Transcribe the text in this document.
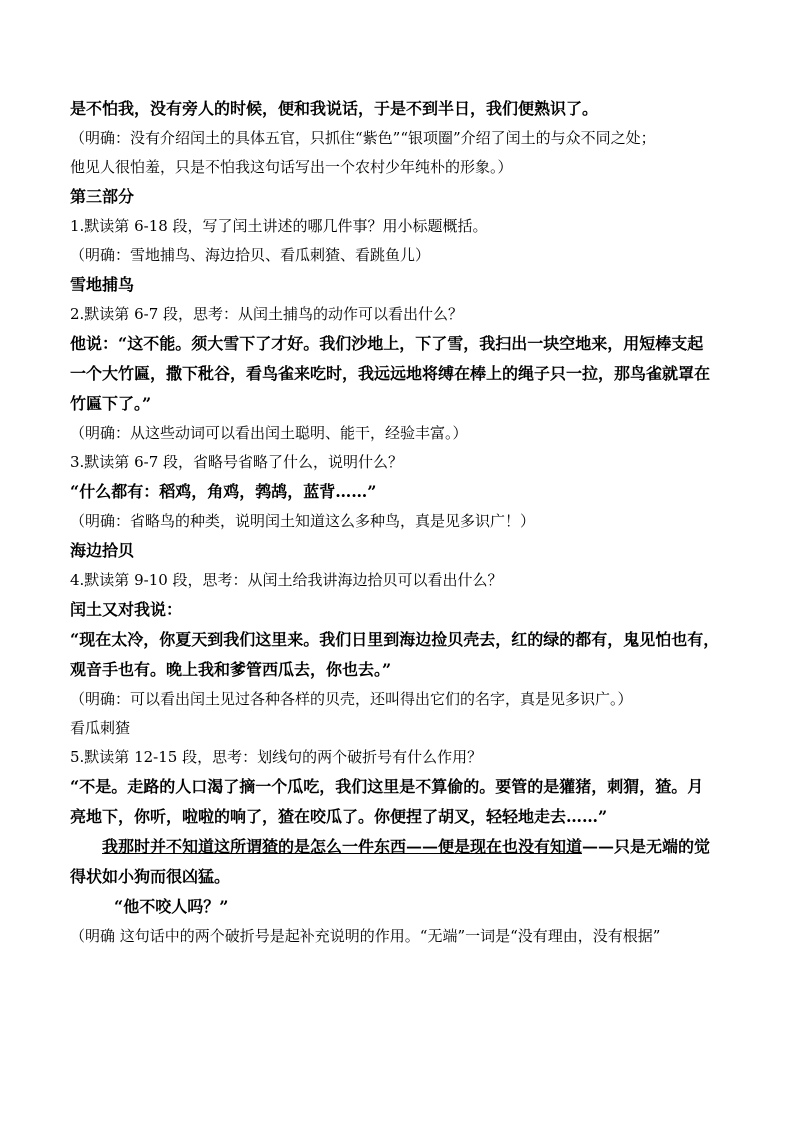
是不怕我，没有旁人的时候，便和我说话，于是不到半日，我们便熟识了。
（明确：没有介绍闰土的具体五官，只抓住“紫色”“银项圈”介绍了闰土的与众不同之处；
他见人很怕羞，只是不怕我这句话写出一个农村少年纯朴的形象。）
第三部分
1.默读第 6-18 段，写了闰土讲述的哪几件事？用小标题概括。
（明确：雪地捕鸟、海边拾贝、看瓜刺猹、看跳鱼儿）
雪地捕鸟
2.默读第 6-7 段，思考：从闰土捕鸟的动作可以看出什么？
他说：“这不能。须大雪下了才好。我们沙地上，下了雪，我扫出一块空地来，用短棒支起
一个大竹匾，撒下秕谷，看鸟雀来吃时，我远远地将缚在棒上的绳子只一拉，那鸟雀就罩在
竹匾下了。”
（明确：从这些动词可以看出闰土聪明、能干，经验丰富。）
3.默读第 6-7 段，省略号省略了什么，说明什么？
“什么都有：稻鸡，角鸡，鹁鸪，蓝背……”
（明确：省略鸟的种类，说明闰土知道这么多种鸟，真是见多识广！）
海边拾贝
4.默读第 9-10 段，思考：从闰土给我讲海边拾贝可以看出什么？
闰土又对我说：
“现在太冷，你夏天到我们这里来。我们日里到海边捡贝壳去，红的绿的都有，鬼见怕也有，
观音手也有。晚上我和爹管西瓜去，你也去。”
（明确：可以看出闰土见过各种各样的贝壳，还叫得出它们的名字，真是见多识广。）
看瓜刺猹
5.默读第 12-15 段，思考：划线句的两个破折号有什么作用？
“不是。走路的人口渴了摘一个瓜吃，我们这里是不算偷的。要管的是獾猪，刺猬，猹。月
亮地下，你听，啦啦的响了，猹在咬瓜了。你便捏了胡叉，轻轻地走去……”
我那时并不知道这所谓猹的是怎么一件东西——便是现在也没有知道——只是无端的觉
得状如小狗而很凶猛。
“他不咬人吗？”
（明确 这句话中的两个破折号是起补充说明的作用。“无端”一词是“没有理由，没有根据”
